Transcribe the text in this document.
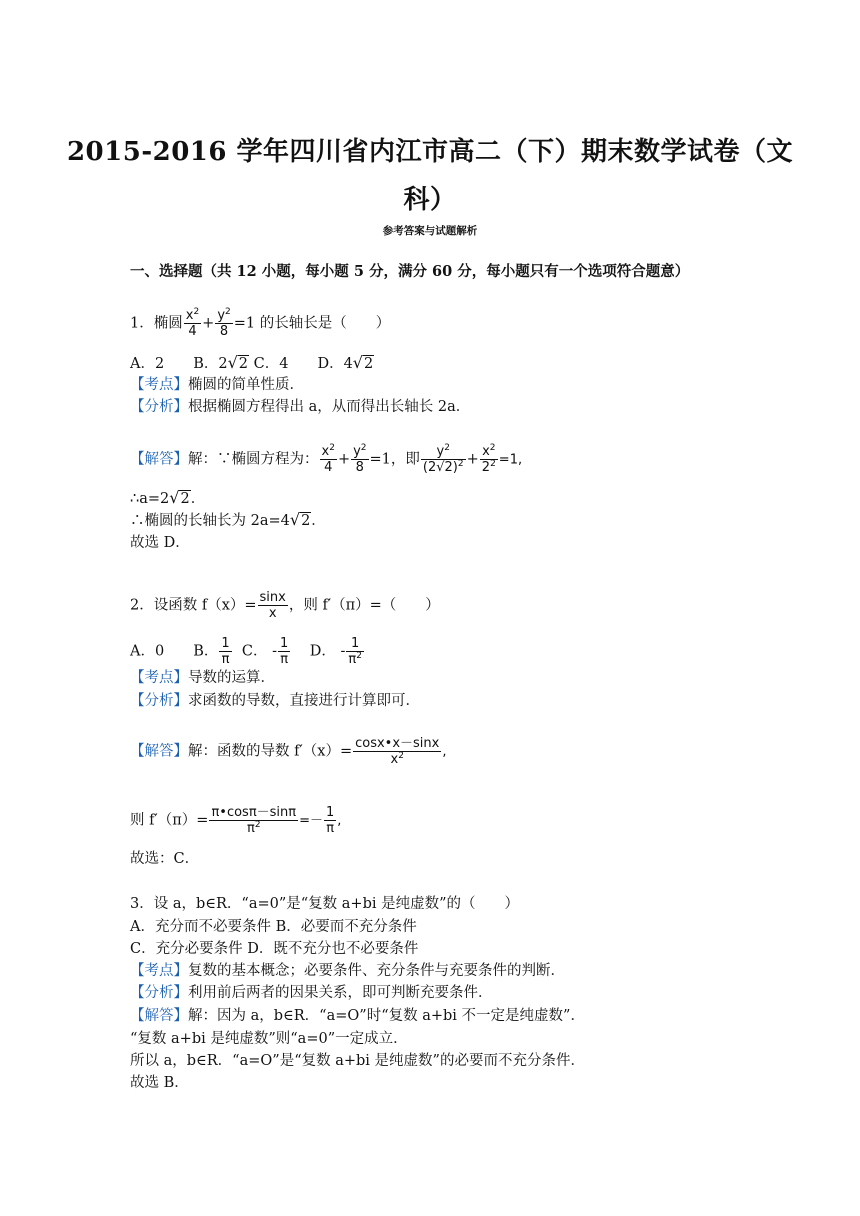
2015-2016 学年四川省内江市高二（下）期末数学试卷（文
科）
参考答案与试题解析
一、选择题（共 12 小题，每小题 5 分，满分 60 分，每小题只有一个选项符合题意）
1．椭圆 $\frac{x^2}{4} + \frac{y^2}{8} =1$ 的长轴长是（　　）
A．2　　B．2√2 C．4　　D．4√2
【考点】椭圆的简单性质．
【分析】根据椭圆方程得出 a，从而得出长轴长 2a．
【解答】解：∵椭圆方程为： $\frac{x^2}{4} + \frac{y^2}{8} =1$，即 $\frac{y^2}{(2√2)^2} + \frac{x^2}{2^2} =1$,
∴a=2√2．
∴椭圆的长轴长为 2a=4√2．
故选 D．
2．设函数 $f(x)= \frac{\sin x}{x}$ ，则 f′（π）=（　　）
A．0　　B． $\frac{1}{\pi}$ C． - $\frac{1}{\pi}$ D． - $\frac{1}{\pi^2}$
【考点】导数的运算．
【分析】求函数的导数，直接进行计算即可．
【解答】解：函数的导数 $f'(x)= \frac{\cos x•x-\sin x}{x^2}$ ,
则 $f'(\pi)= \frac{\pi•\cos\pi-\sin\pi}{\pi^2} =- \frac{1}{\pi}$ ,
故选：C．
3．设 a，b∈R．“a=0”是“复数 a+bi 是纯虚数”的（　　）
A．充分而不必要条件 B．必要而不充分条件
C．充分必要条件 D．既不充分也不必要条件
【考点】复数的基本概念；必要条件、充分条件与充要条件的判断．
【分析】利用前后两者的因果关系，即可判断充要条件．
【解答】解：因为 a，b∈R．“a=O”时“复数 a+bi 不一定是纯虚数”．
“复数 a+bi 是纯虚数”则“a=0”一定成立．
所以 a，b∈R．“a=O”是“复数 a+bi 是纯虚数”的必要而不充分条件．
故选 B．
